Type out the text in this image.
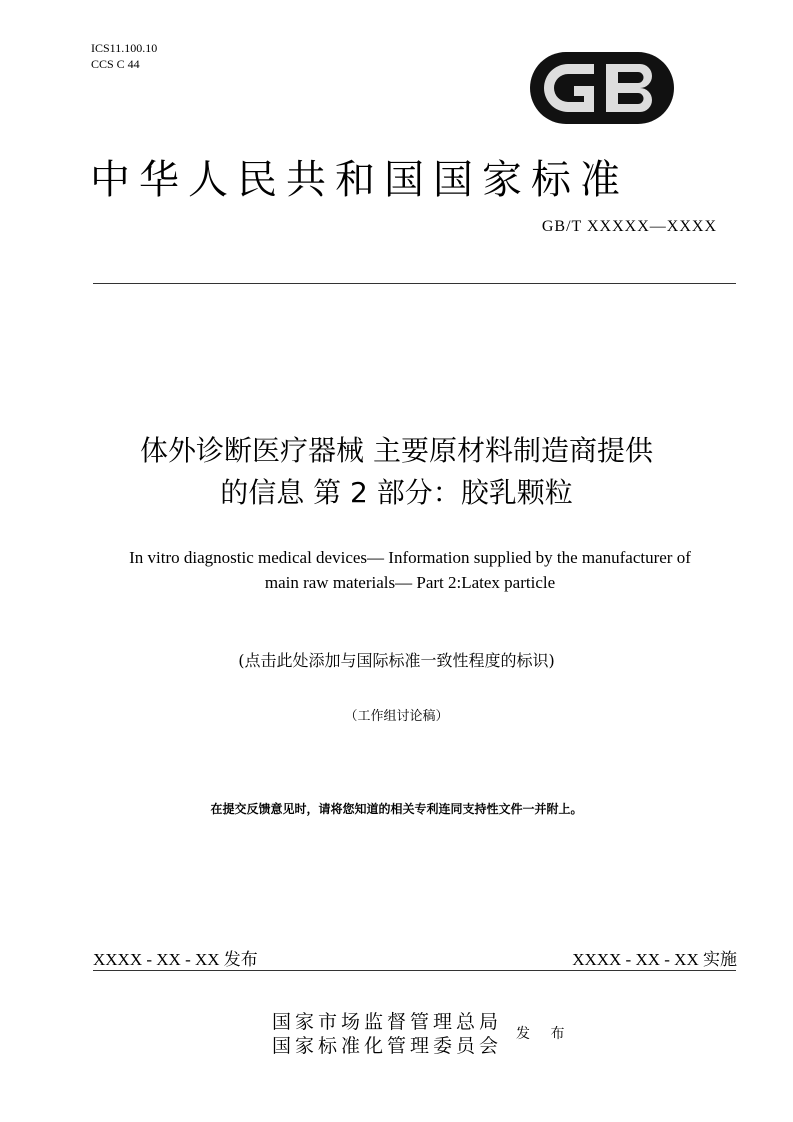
ICS11.100.10
CCS C 44
中华人民共和国国家标准
GB/T XXXXX—XXXX
体外诊断医疗器械 主要原材料制造商提供
的信息 第 2 部分：胶乳颗粒
In vitro diagnostic medical devices— Information supplied by the manufacturer of
main raw materials— Part 2:Latex particle
(点击此处添加与国际标准一致性程度的标识)
（工作组讨论稿）
在提交反馈意见时，请将您知道的相关专利连同支持性文件一并附上。
XXXX - XX - XX 发布	XXXX - XX - XX 实施
国家市场监督管理总局
国家标准化管理委员会
发 布
